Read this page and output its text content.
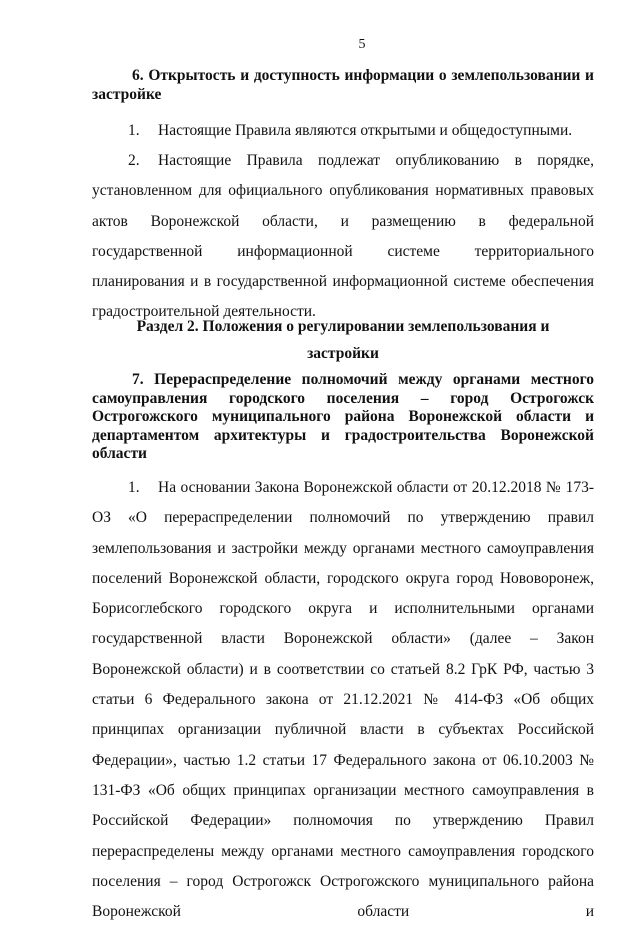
5
6. Открытость и доступность информации о землепользовании и застройке
1. Настоящие Правила являются открытыми и общедоступными.
2. Настоящие Правила подлежат опубликованию в порядке, установленном для официального опубликования нормативных правовых актов Воронежской области, и размещению в федеральной государственной информационной системе территориального планирования и в государственной информационной системе обеспечения градостроительной деятельности.
Раздел 2. Положения о регулировании землепользования и
застройки
7. Перераспределение полномочий между органами местного самоуправления городского поселения – город Острогожск Острогожского муниципального района Воронежской области и департаментом архитектуры и градостроительства Воронежской области
1. На основании Закона Воронежской области от 20.12.2018 № 173-ОЗ «О перераспределении полномочий по утверждению правил землепользования и застройки между органами местного самоуправления поселений Воронежской области, городского округа город Нововоронеж, Борисоглебского городского округа и исполнительными органами государственной власти Воронежской области» (далее – Закон Воронежской области) и в соответствии со статьей 8.2 ГрК РФ, частью 3 статьи 6 Федерального закона от 21.12.2021 № 414-ФЗ «Об общих принципах организации публичной власти в субъектах Российской Федерации», частью 1.2 статьи 17 Федерального закона от 06.10.2003 № 131-ФЗ «Об общих принципах организации местного самоуправления в Российской Федерации» полномочия по утверждению Правил перераспределены между органами местного самоуправления городского поселения – город Острогожск Острогожского муниципального района Воронежской области и
